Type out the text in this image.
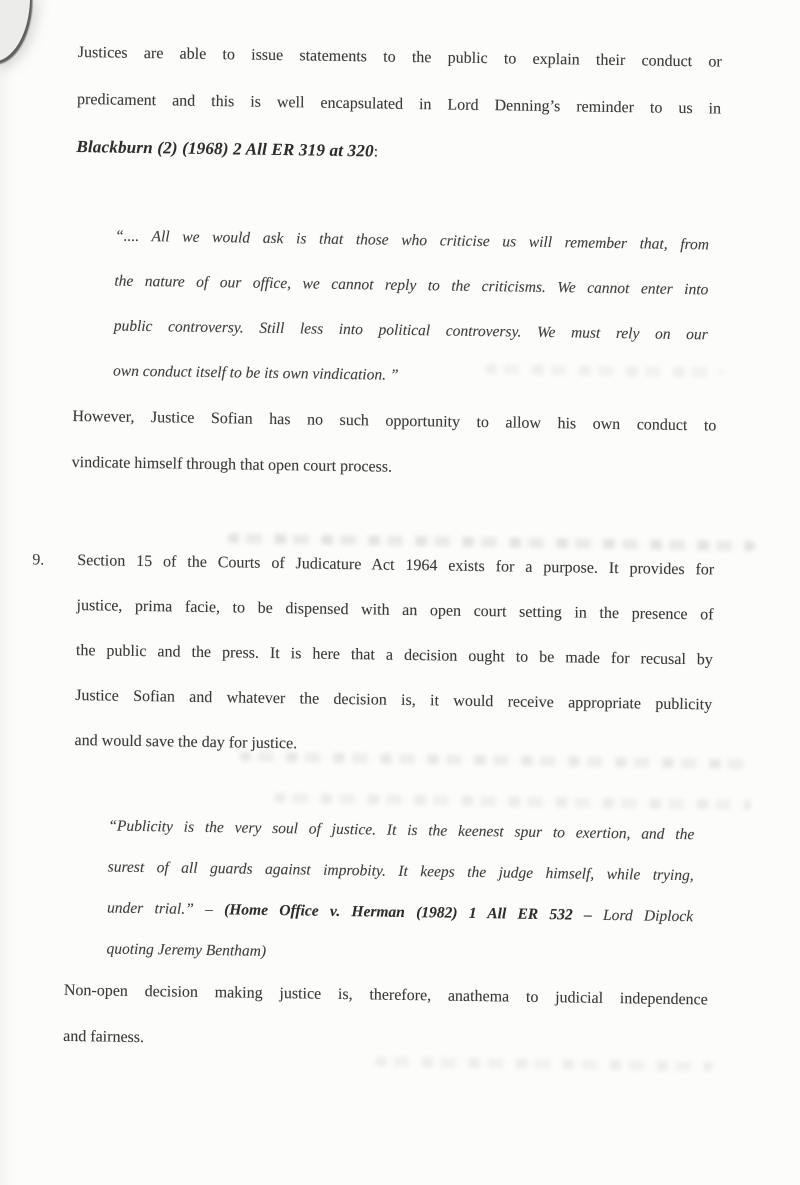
Justices are able to issue statements to the public to explain their conduct or
predicament and this is well encapsulated in Lord Denning’s reminder to us in
Blackburn (2) (1968) 2 All ER 319 at 320:
“.... All we would ask is that those who criticise us will remember that, from
the nature of our office, we cannot reply to the criticisms. We cannot enter into
public controversy. Still less into political controversy. We must rely on our
own conduct itself to be its own vindication. ”
However, Justice Sofian has no such opportunity to allow his own conduct to
vindicate himself through that open court process.
9. Section 15 of the Courts of Judicature Act 1964 exists for a purpose. It provides for
justice, prima facie, to be dispensed with an open court setting in the presence of
the public and the press. It is here that a decision ought to be made for recusal by
Justice Sofian and whatever the decision is, it would receive appropriate publicity
and would save the day for justice.
“Publicity is the very soul of justice. It is the keenest spur to exertion, and the
surest of all guards against improbity. It keeps the judge himself, while trying,
under trial.” – (Home Office v. Herman (1982) 1 All ER 532 – Lord Diplock
quoting Jeremy Bentham)
Non-open decision making justice is, therefore, anathema to judicial independence
and fairness.
